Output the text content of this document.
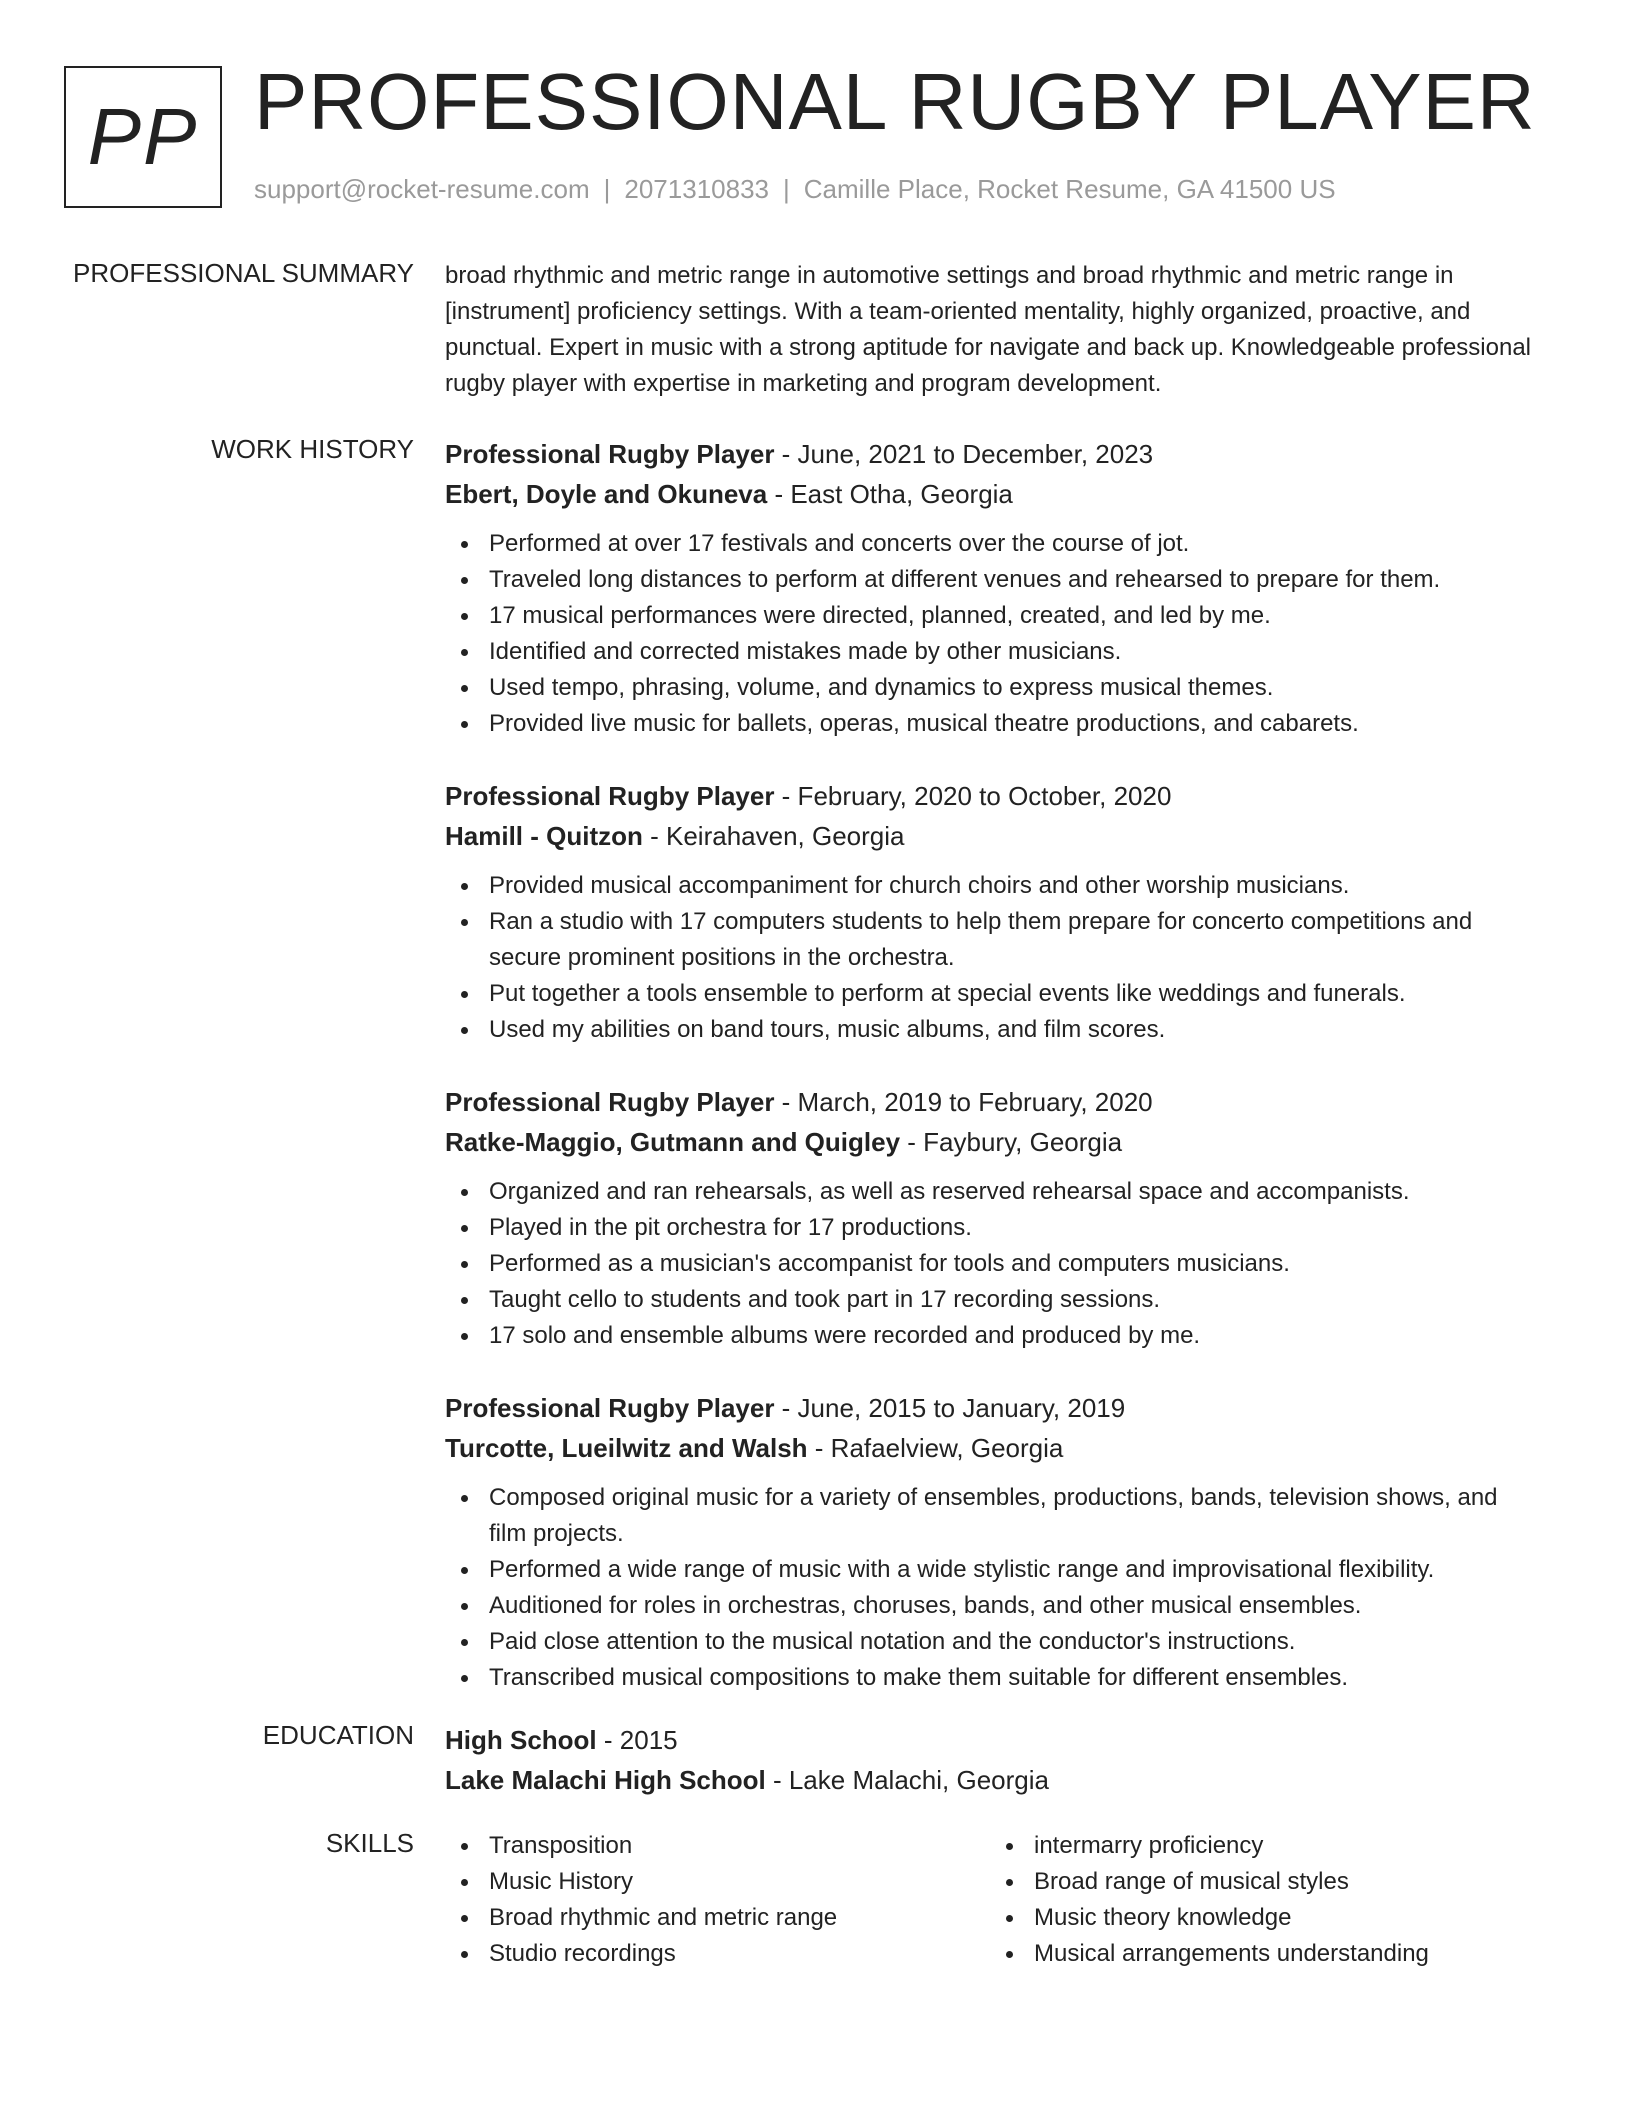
PP PROFESSIONAL RUGBY PLAYER
support@rocket-resume.com | 2071310833 | Camille Place, Rocket Resume, GA 41500 US
PROFESSIONAL SUMMARY broad rhythmic and metric range in automotive settings and broad rhythmic and metric range in [instrument] proficiency settings. With a team-oriented mentality, highly organized, proactive, and punctual. Expert in music with a strong aptitude for navigate and back up. Knowledgeable professional rugby player with expertise in marketing and program development.

WORK HISTORY Professional Rugby Player - June, 2021 to December, 2023
Ebert, Doyle and Okuneva - East Otha, Georgia
Performed at over 17 festivals and concerts over the course of jot.
Traveled long distances to perform at different venues and rehearsed to prepare for them.
17 musical performances were directed, planned, created, and led by me.
Identified and corrected mistakes made by other musicians.
Used tempo, phrasing, volume, and dynamics to express musical themes.
Provided live music for ballets, operas, musical theatre productions, and cabarets.
Professional Rugby Player - February, 2020 to October, 2020
Hamill - Quitzon - Keirahaven, Georgia
Provided musical accompaniment for church choirs and other worship musicians.
Ran a studio with 17 computers students to help them prepare for concerto competitions and secure prominent positions in the orchestra.
Put together a tools ensemble to perform at special events like weddings and funerals.
Used my abilities on band tours, music albums, and film scores.
Professional Rugby Player - March, 2019 to February, 2020
Ratke-Maggio, Gutmann and Quigley - Faybury, Georgia
Organized and ran rehearsals, as well as reserved rehearsal space and accompanists.
Played in the pit orchestra for 17 productions.
Performed as a musician's accompanist for tools and computers musicians.
Taught cello to students and took part in 17 recording sessions.
17 solo and ensemble albums were recorded and produced by me.
Professional Rugby Player - June, 2015 to January, 2019
Turcotte, Lueilwitz and Walsh - Rafaelview, Georgia
Composed original music for a variety of ensembles, productions, bands, television shows, and film projects.
Performed a wide range of music with a wide stylistic range and improvisational flexibility.
Auditioned for roles in orchestras, choruses, bands, and other musical ensembles.
Paid close attention to the musical notation and the conductor's instructions.
Transcribed musical compositions to make them suitable for different ensembles.
EDUCATION High School - 2015
Lake Malachi High School - Lake Malachi, Georgia
SKILLS	Transposition
Music History
Broad rhythmic and metric range
Studio recordings
intermarry proficiency
Broad range of musical styles
Music theory knowledge
Musical arrangements understanding
